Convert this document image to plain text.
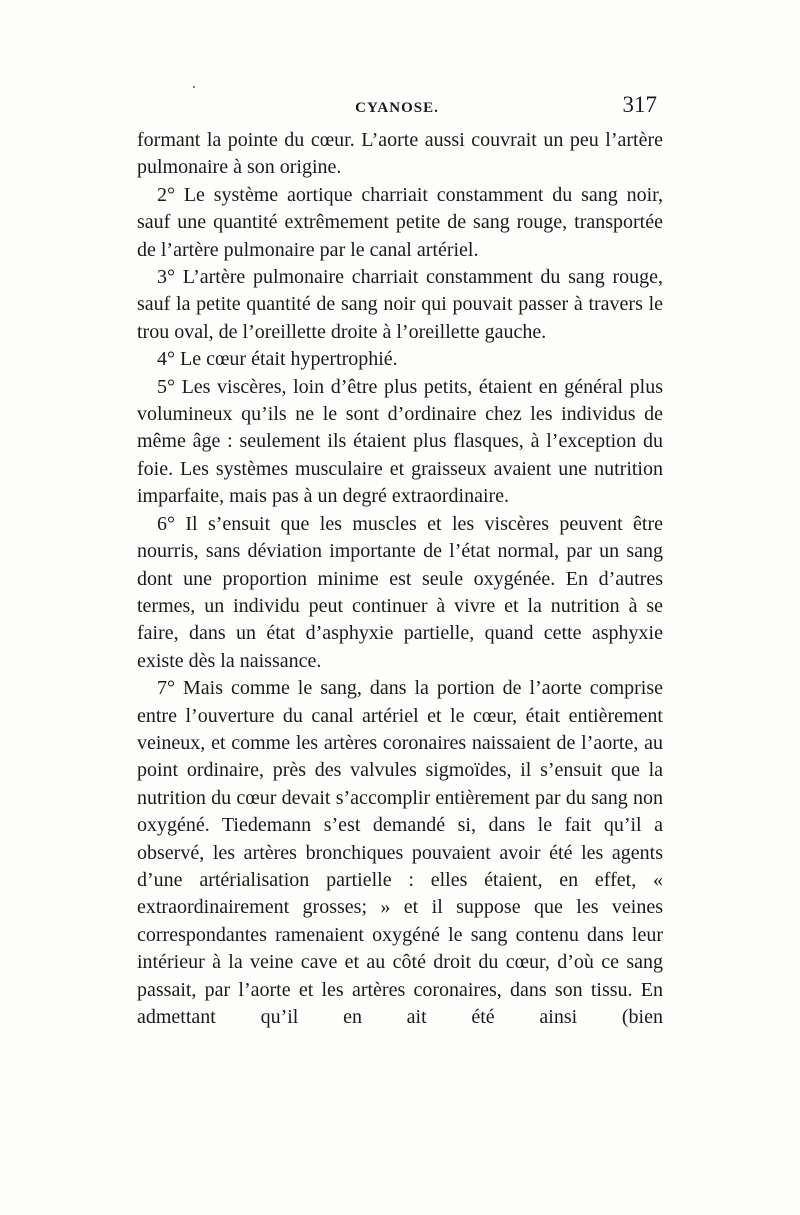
CYANOSE.	317

formant la pointe du cœur. L’aorte aussi couvrait un peu l’artère pulmonaire à son origine.

2° Le système aortique charriait constamment du sang noir, sauf une quantité extrêmement petite de sang rouge, transportée de l’artère pulmonaire par le canal artériel.

3° L’artère pulmonaire charriait constamment du sang rouge, sauf la petite quantité de sang noir qui pouvait passer à travers le trou oval, de l’oreillette droite à l’oreillette gauche.

4° Le cœur était hypertrophié.

5° Les viscères, loin d’être plus petits, étaient en général plus volumineux qu’ils ne le sont d’ordinaire chez les individus de même âge : seulement ils étaient plus flasques, à l’exception du foie. Les systèmes musculaire et graisseux avaient une nutrition imparfaite, mais pas à un degré extraordinaire.

6° Il s’ensuit que les muscles et les viscères peuvent être nourris, sans déviation importante de l’état normal, par un sang dont une proportion minime est seule oxygénée. En d’autres termes, un individu peut continuer à vivre et la nutrition à se faire, dans un état d’asphyxie partielle, quand cette asphyxie existe dès la naissance.

7° Mais comme le sang, dans la portion de l’aorte comprise entre l’ouverture du canal artériel et le cœur, était entièrement veineux, et comme les artères coronaires naissaient de l’aorte, au point ordinaire, près des valvules sigmoïdes, il s’ensuit que la nutrition du cœur devait s’accomplir entièrement par du sang non oxygéné. Tiedemann s’est demandé si, dans le fait qu’il a observé, les artères bronchiques pouvaient avoir été les agents d’une artérialisation partielle : elles étaient, en effet, « extraordinairement grosses; » et il suppose que les veines correspondantes ramenaient oxygéné le sang contenu dans leur intérieur à la veine cave et au côté droit du cœur, d’où ce sang passait, par l’aorte et les artères coronaires, dans son tissu. En admettant qu’il en ait été ainsi (bien
